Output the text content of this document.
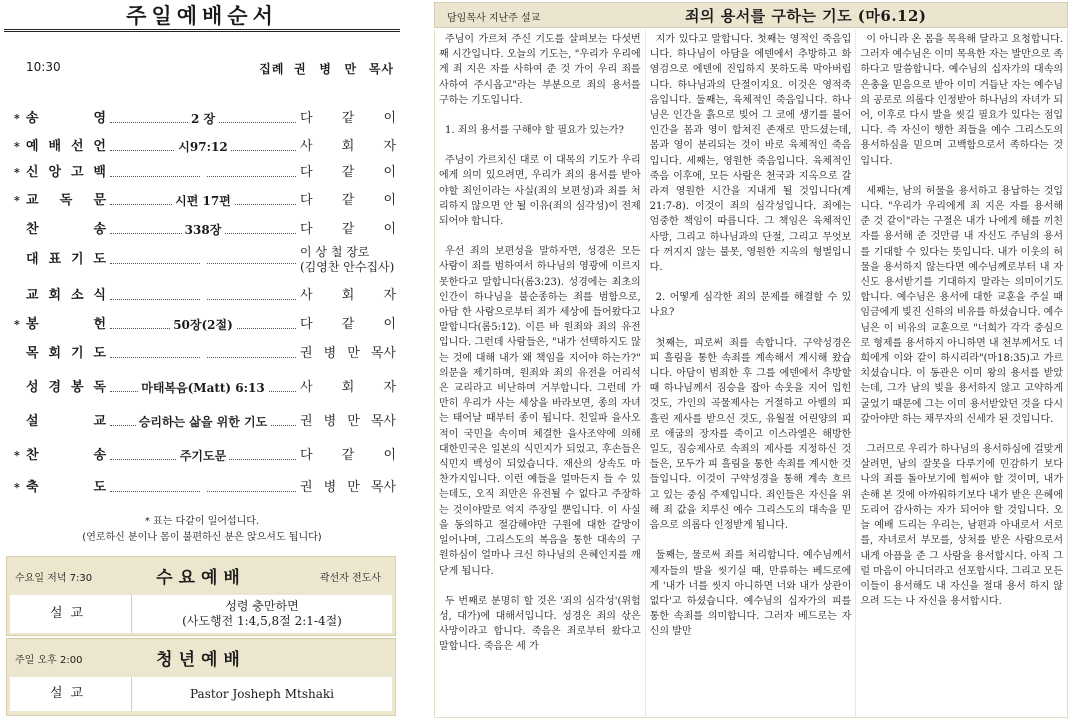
주일예배순서
10:30	집례 권 병 만 목사
* 송	영	2 장	다 같 이
* 예 배 선 언	시97:12	사 회 자
* 신 앙 고 백	다 같 이
* 교 독 문	시편 17편	다 같 이
찬	송	338장	다 같 이
대 표 기 도	이 상 철 장로
(김영찬 안수집사)
교 회 소 식	사 회 자
* 봉	헌	50장(2절)	다 같 이
목 회 기 도	권 병 만 목사
성 경 봉 독	마태복음(Matt) 6:13	사 회 자
설	교	승리하는 삶을 위한 기도	권 병 만 목사
* 찬	송	주기도문	다 같 이
* 축	도	권 병 만 목사
* 표는 다같이 일어섭니다.
(연로하신 분이나 몸이 불편하신 분은 앉으셔도 됩니다)
수요일 저녁 7:30	수요예배	곽선자 전도사
설교	성령 충만하면
(사도행전 1:4,5,8절 2:1-4절)
주일 오후 2:00	청년예배
설교	Pastor Josheph Mtshaki
담임목사 지난주 설교	죄의 용서를 구하는 기도 (마6.12)

주님이 가르쳐 주신 기도를 살펴보는 다섯번째 시간입니다. 오늘의 기도는, "우리가 우리에게 죄 지은 자를 사하여 준 것 가이 우리 죄를 사하여 주시옵고"라는 부분으로 죄의 용서를 구하는 기도입니다.

1. 죄의 용서를 구해야 할 필요가 있는가?

주님이 가르치신 대로 이 대목의 기도가 우리에게 의미 있으려면, 우리가 죄의 용서를 받아야할 죄인이라는 사실(죄의 보편성)과 죄를 처리하지 않으면 안 될 이유(죄의 심각성)이 전제되어야 합니다.

우선 죄의 보편성을 말하자면, 성경은 모든 사람이 죄를 범하여서 하나님의 영광에 이르지 못한다고 말합니다(롬3:23). 성경에는 최초의 인간이 하나님을 불순종하는 죄를 범함으로, 아담 한 사람으로부터 죄가 세상에 들어왔다고 말합니다(롬5:12). 이른 바 원죄와 죄의 유전입니다. 그런데 사람들은, "내가 선택하지도 않는 것에 대해 내가 왜 책임을 지어야 하는가?" 의문을 제기하며, 원죄와 죄의 유전을 어리석은 교리라고 비난하며 거부합니다. 그런데 가만히 우리가 사는 세상을 바라보면, 종의 자녀는 태어날 때부터 종이 됩니다. 친일파 을사오적이 국민을 속이며 체결한 을사조약에 의해 대한민국은 일본의 식민지가 되었고, 후손들은 식민지 백성이 되었습니다. 재산의 상속도 마찬가지입니다. 이런 예들을 얼마든지 들 수 있는데도, 오직 죄만은 유전될 수 없다고 주장하는 것이야말로 억지 주장일 뿐입니다. 이 사실을 동의하고 절감해야만 구원에 대한 갈망이 일어나며, 그리스도의 복음을 통한 대속의 구원하심이 얼마나 크신 하나님의 은혜인지를 깨닫게 됩니다.

두 번째로 분명히 할 것은 '죄의 심각성'(위험성, 대가)에 대해서입니다. 성경은 죄의 삯은 사망이라고 합니다. 죽음은 죄로부터 왔다고 말합니다. 죽음은 세 가

지가 있다고 말합니다. 첫째는 영적인 죽음입니다. 하나님이 아담을 에덴에서 추방하고 화염검으로 에덴에 진입하지 못하도록 막아버립니다. 하나님과의 단절이지요. 이것은 영적죽음입니다. 둘째는, 육체적인 죽음입니다. 하나님은 인간을 흙으로 빚어 그 코에 생기를 불어 인간을 몸과 영이 합쳐진 존재로 만드셨는데, 몸과 영이 분리되는 것이 바로 육체적인 죽음입니다. 세째는, 영원한 죽음입니다. 육체적인 죽음 이후에, 모든 사람은 천국과 지옥으로 갈라져 영원한 시간을 지내게 될 것입니다(계21:7-8). 이것이 죄의 심각성입니다. 죄에는 엄중한 책임이 따릅니다. 그 책임은 육체적인 사망, 그리고 하나님과의 단절, 그리고 무엇보다 꺼지지 않는 불못, 영원한 지옥의 형벌입니다.

2. 어떻게 심각한 죄의 문제를 해결할 수 있나요?

첫째는, 피로써 죄를 속합니다. 구약성경은 피 흘림을 통한 속죄를 계속해서 계시해 왔습니다. 아담이 범죄한 후 그를 에덴에서 추방할 때 하나님께서 짐승을 잡아 속옷을 지어 입힌 것도, 가인의 곡물제사는 거절하고 아벨의 피흘린 제사를 받으신 것도, 유월절 어린양의 피로 애굽의 장자를 죽이고 이스라엘은 해방한 일도, 짐승제사로 속죄의 제사를 지정하신 것들은, 모두가 피 흘림을 통한 속죄를 계시한 것들입니다. 이것이 구약성경을 통해 계속 흐르고 있는 중심 주제입니다. 죄인들은 자신을 위해 죄 값을 치루신 예수 그리스도의 대속을 믿음으로 의롭다 인정받게 됩니다.

둘째는, 물로써 죄를 처리합니다. 예수님께서 제자들의 발을 씻기실 때, 만류하는 베드로에게 '내가 너를 씻지 아니하면 너와 내가 상관이 없다'고 하셨습니다. 예수님의 십자가의 피를 통한 속죄를 의미합니다. 그러자 베드로는 자신의 발만

이 아니라 온 몸을 목욕해 달라고 요청합니다. 그러자 예수님은 이미 목욕한 자는 발만으로 족하다고 말씀합니다. 예수님의 십자가의 대속의 은총을 믿음으로 받아 이미 거듭난 자는 예수님의 공로로 의롭다 인정받아 하나님의 자녀가 되어, 이후로 다시 발을 씻길 필요가 있다는 점입니다. 즉 자신이 행한 죄들을 예수 그리스도의 용서하심을 믿으며 고백함으로서 족하다는 것입니다.

세째는, 남의 허물을 용서하고 용납하는 것입니다. "우리가 우리에게 죄 지은 자를 용서해 준 것 같이"라는 구절은 내가 나에게 해를 끼친 자를 용서해 준 것만큼 내 자신도 주님의 용서를 기대할 수 있다는 뜻입니다. 내가 이웃의 허물을 용서하지 않는다면 예수님께로부터 내 자신도 용서받기를 기대하지 말라는 의미이기도 합니다. 예수님은 용서에 대한 교훈을 주실 때 임금에게 빚진 신하의 비유를 하셨습니다. 예수님은 이 비유의 교훈으로 "너희가 각각 중심으로 형제를 용서하지 아니하면 내 천부께서도 너희에게 이와 같이 하시리라"(마18:35)고 가르치셨습니다. 이 동관은 이미 왕의 용서를 받았는데, 그가 남의 빚을 용서하지 않고 고약하게 굴었기 때문에 그는 이미 용서받았던 것을 다시 갚아야만 하는 채무자의 신세가 된 것입니다.

그러므로 우리가 하나님의 용서하심에 걸맞게 살려면, 남의 잘못을 다루기에 민감하기 보다 나의 죄를 돌아보기에 힘써야 할 것이며, 내가 손해 본 것에 아까워하기보다 내가 받은 은혜에 도리어 감사하는 자가 되어야 할 것입니다. 오늘 예배 드리는 우리는, 남편과 아내로서 서로를, 자녀로서 부모를, 상처를 받은 사람으로서 내게 아픔을 준 그 사람을 용서합시다. 아직 그럴 마음이 아니더라고 선포합시다. 그리고 모든 이들이 용서해도 내 자신을 절대 용서 하지 않으려 드는 나 자신을 용서합시다.
